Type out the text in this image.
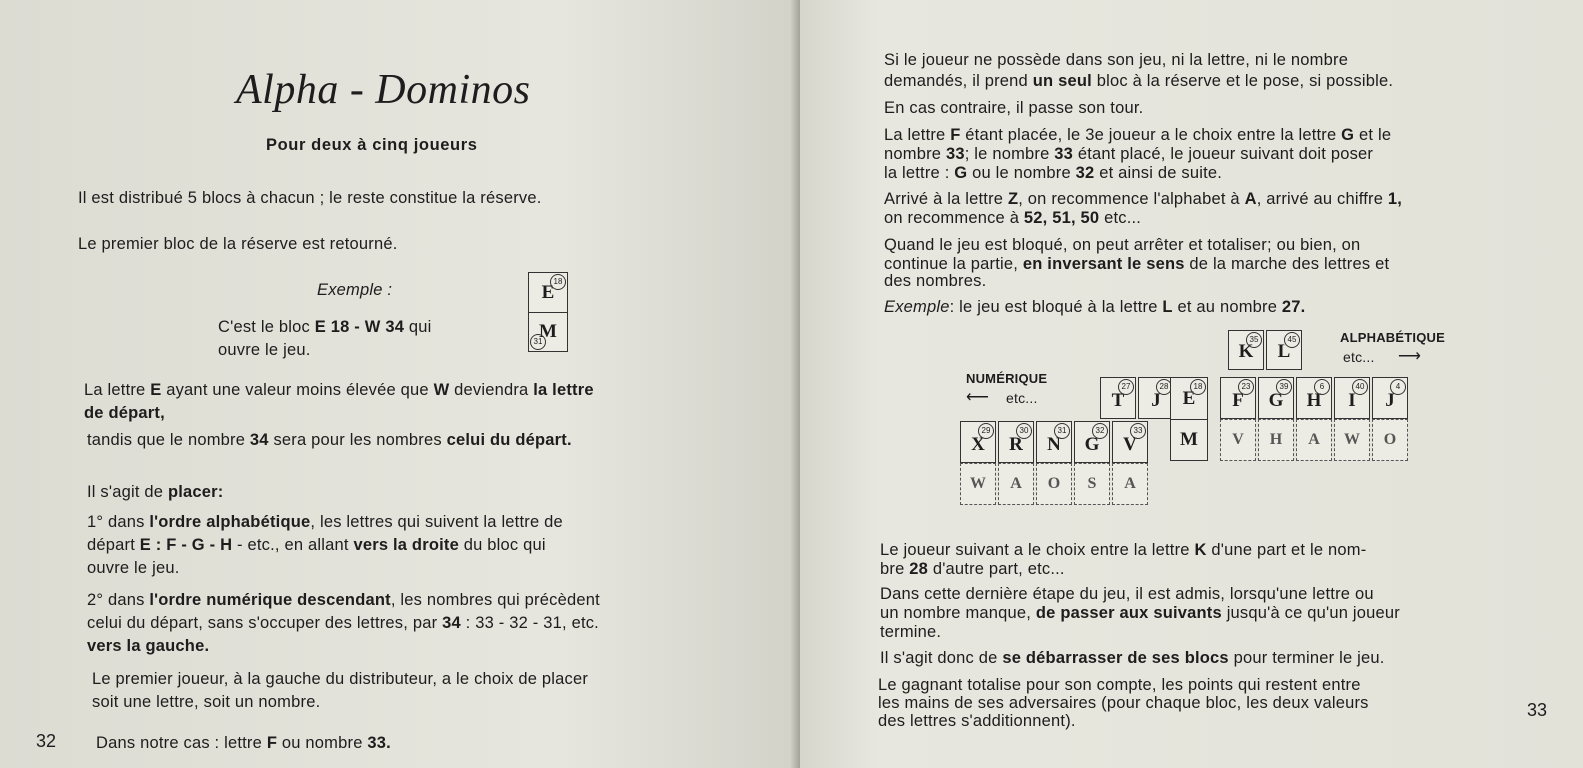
Alpha - Dominos
Pour deux à cinq joueurs
Il est distribué 5 blocs à chacun ; le reste constitue la réserve.
Le premier bloc de la réserve est retourné.
Exemple :
C'est le bloc E 18 - W 34 qui
ouvre le jeu.
E
M
18
31
La lettre E ayant une valeur moins élevée que W deviendra la lettre
de départ,
tandis que le nombre 34 sera pour les nombres celui du départ.
Il s'agit de placer:
1° dans l'ordre alphabétique, les lettres qui suivent la lettre de
départ E : F - G - H - etc., en allant vers la droite du bloc qui
ouvre le jeu.
2° dans l'ordre numérique descendant, les nombres qui précèdent
celui du départ, sans s'occuper des lettres, par 34 : 33 - 32 - 31, etc.
vers la gauche.
Le premier joueur, à la gauche du distributeur, a le choix de placer
soit une lettre, soit un nombre.
Dans notre cas : lettre F ou nombre 33.
32
Si le joueur ne possède dans son jeu, ni la lettre, ni le nombre
demandés, il prend un seul bloc à la réserve et le pose, si possible.
En cas contraire, il passe son tour.
La lettre F étant placée, le 3e joueur a le choix entre la lettre G et le
nombre 33; le nombre 33 étant placé, le joueur suivant doit poser
la lettre : G ou le nombre 32 et ainsi de suite.
Arrivé à la lettre Z, on recommence l'alphabet à A, arrivé au chiffre 1,
on recommence à 52, 51, 50 etc...
Quand le jeu est bloqué, on peut arrêter et totaliser; ou bien, on
continue la partie, en inversant le sens de la marche des lettres et
des nombres.
Exemple: le jeu est bloqué à la lettre L et au nombre 27.
NUMÉRIQUE
⟵ etc...
ALPHABÉTIQUE
etc... ⟶
K
35
L
45
T
27
J
28
E
M
18
F
23
G
39
H
6
I
40
J
4
V	H	A	W	O
X
29
R
30
N
31
G
32
V
33
W	A	O	S	A
Le joueur suivant a le choix entre la lettre K d'une part et le nom-
bre 28 d'autre part, etc...
Dans cette dernière étape du jeu, il est admis, lorsqu'une lettre ou
un nombre manque, de passer aux suivants jusqu'à ce qu'un joueur
termine.
Il s'agit donc de se débarrasser de ses blocs pour terminer le jeu.
Le gagnant totalise pour son compte, les points qui restent entre
les mains de ses adversaires (pour chaque bloc, les deux valeurs
des lettres s'additionnent).
33
